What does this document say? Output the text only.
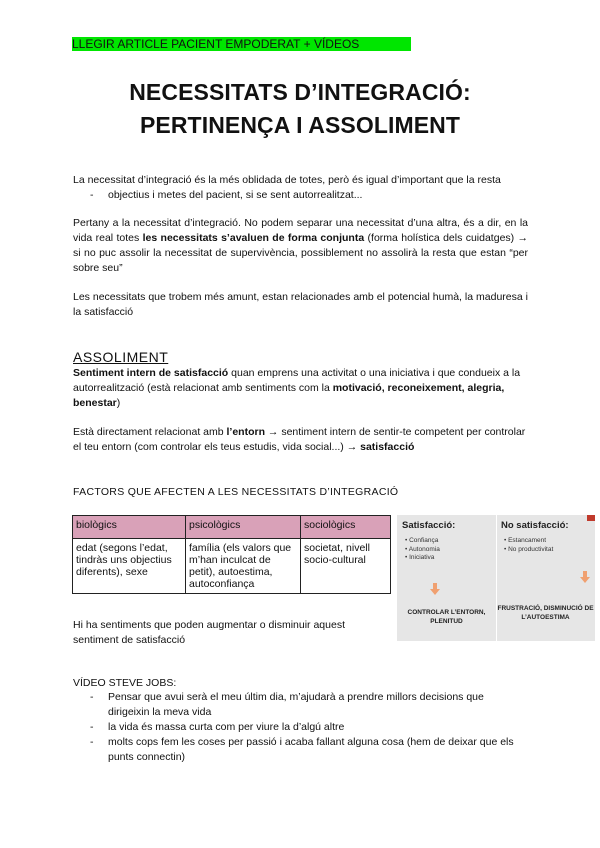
LLEGIR ARTICLE PACIENT EMPODERAT + VÍDEOS
NECESSITATS D’INTEGRACIÓ:
PERTINENÇA I ASSOLIMENT
La necessitat d’integració és la més oblidada de totes, però és igual d’important que la resta
- objectius i metes del pacient, si se sent autorrealitzat...
Pertany a la necessitat d’integració. No podem separar una necessitat d’una altra, és a dir, en la vida real totes les necessitats s’avaluen de forma conjunta (forma holística dels cuidatges) → si no puc assolir la necessitat de supervivència, possiblement no assolirà la resta que estan “per sobre seu”
Les necessitats que trobem més amunt, estan relacionades amb el potencial humà, la maduresa i la satisfacció
ASSOLIMENT
Sentiment intern de satisfacció quan emprens una activitat o una iniciativa i que condueix a la autorrealització (està relacionat amb sentiments com la motivació, reconeixement, alegria, benestar)
Està directament relacionat amb l’entorn → sentiment intern de sentir-te competent per controlar el teu entorn (com controlar els teus estudis, vida social...) → satisfacció
FACTORS QUE AFECTEN A LES NECESSITATS D’INTEGRACIÓ
biològics	psicològics	sociològics
edat (segons l’edat, tindràs uns objectius diferents), sexe	família (els valors que m’han inculcat de petit), autoestima, autoconfiança	societat, nivell socio-cultural
Hi ha sentiments que poden augmentar o disminuir aquest sentiment de satisfacció
Satisfacció:
• Confiança
• Autonomia
• Iniciativa
CONTROLAR L’ENTORN, PLENITUD
No satisfacció:
• Estancament
• No productivitat
FRUSTRACIÓ, DISMINUCIÓ DE L’AUTOESTIMA
VÍDEO STEVE JOBS:
- Pensar que avui serà el meu últim dia, m’ajudarà a prendre millors decisions que dirigeixin la meva vida
- la vida és massa curta com per viure la d’algú altre
- molts cops fem les coses per passió i acaba fallant alguna cosa (hem de deixar que els punts connectin)
